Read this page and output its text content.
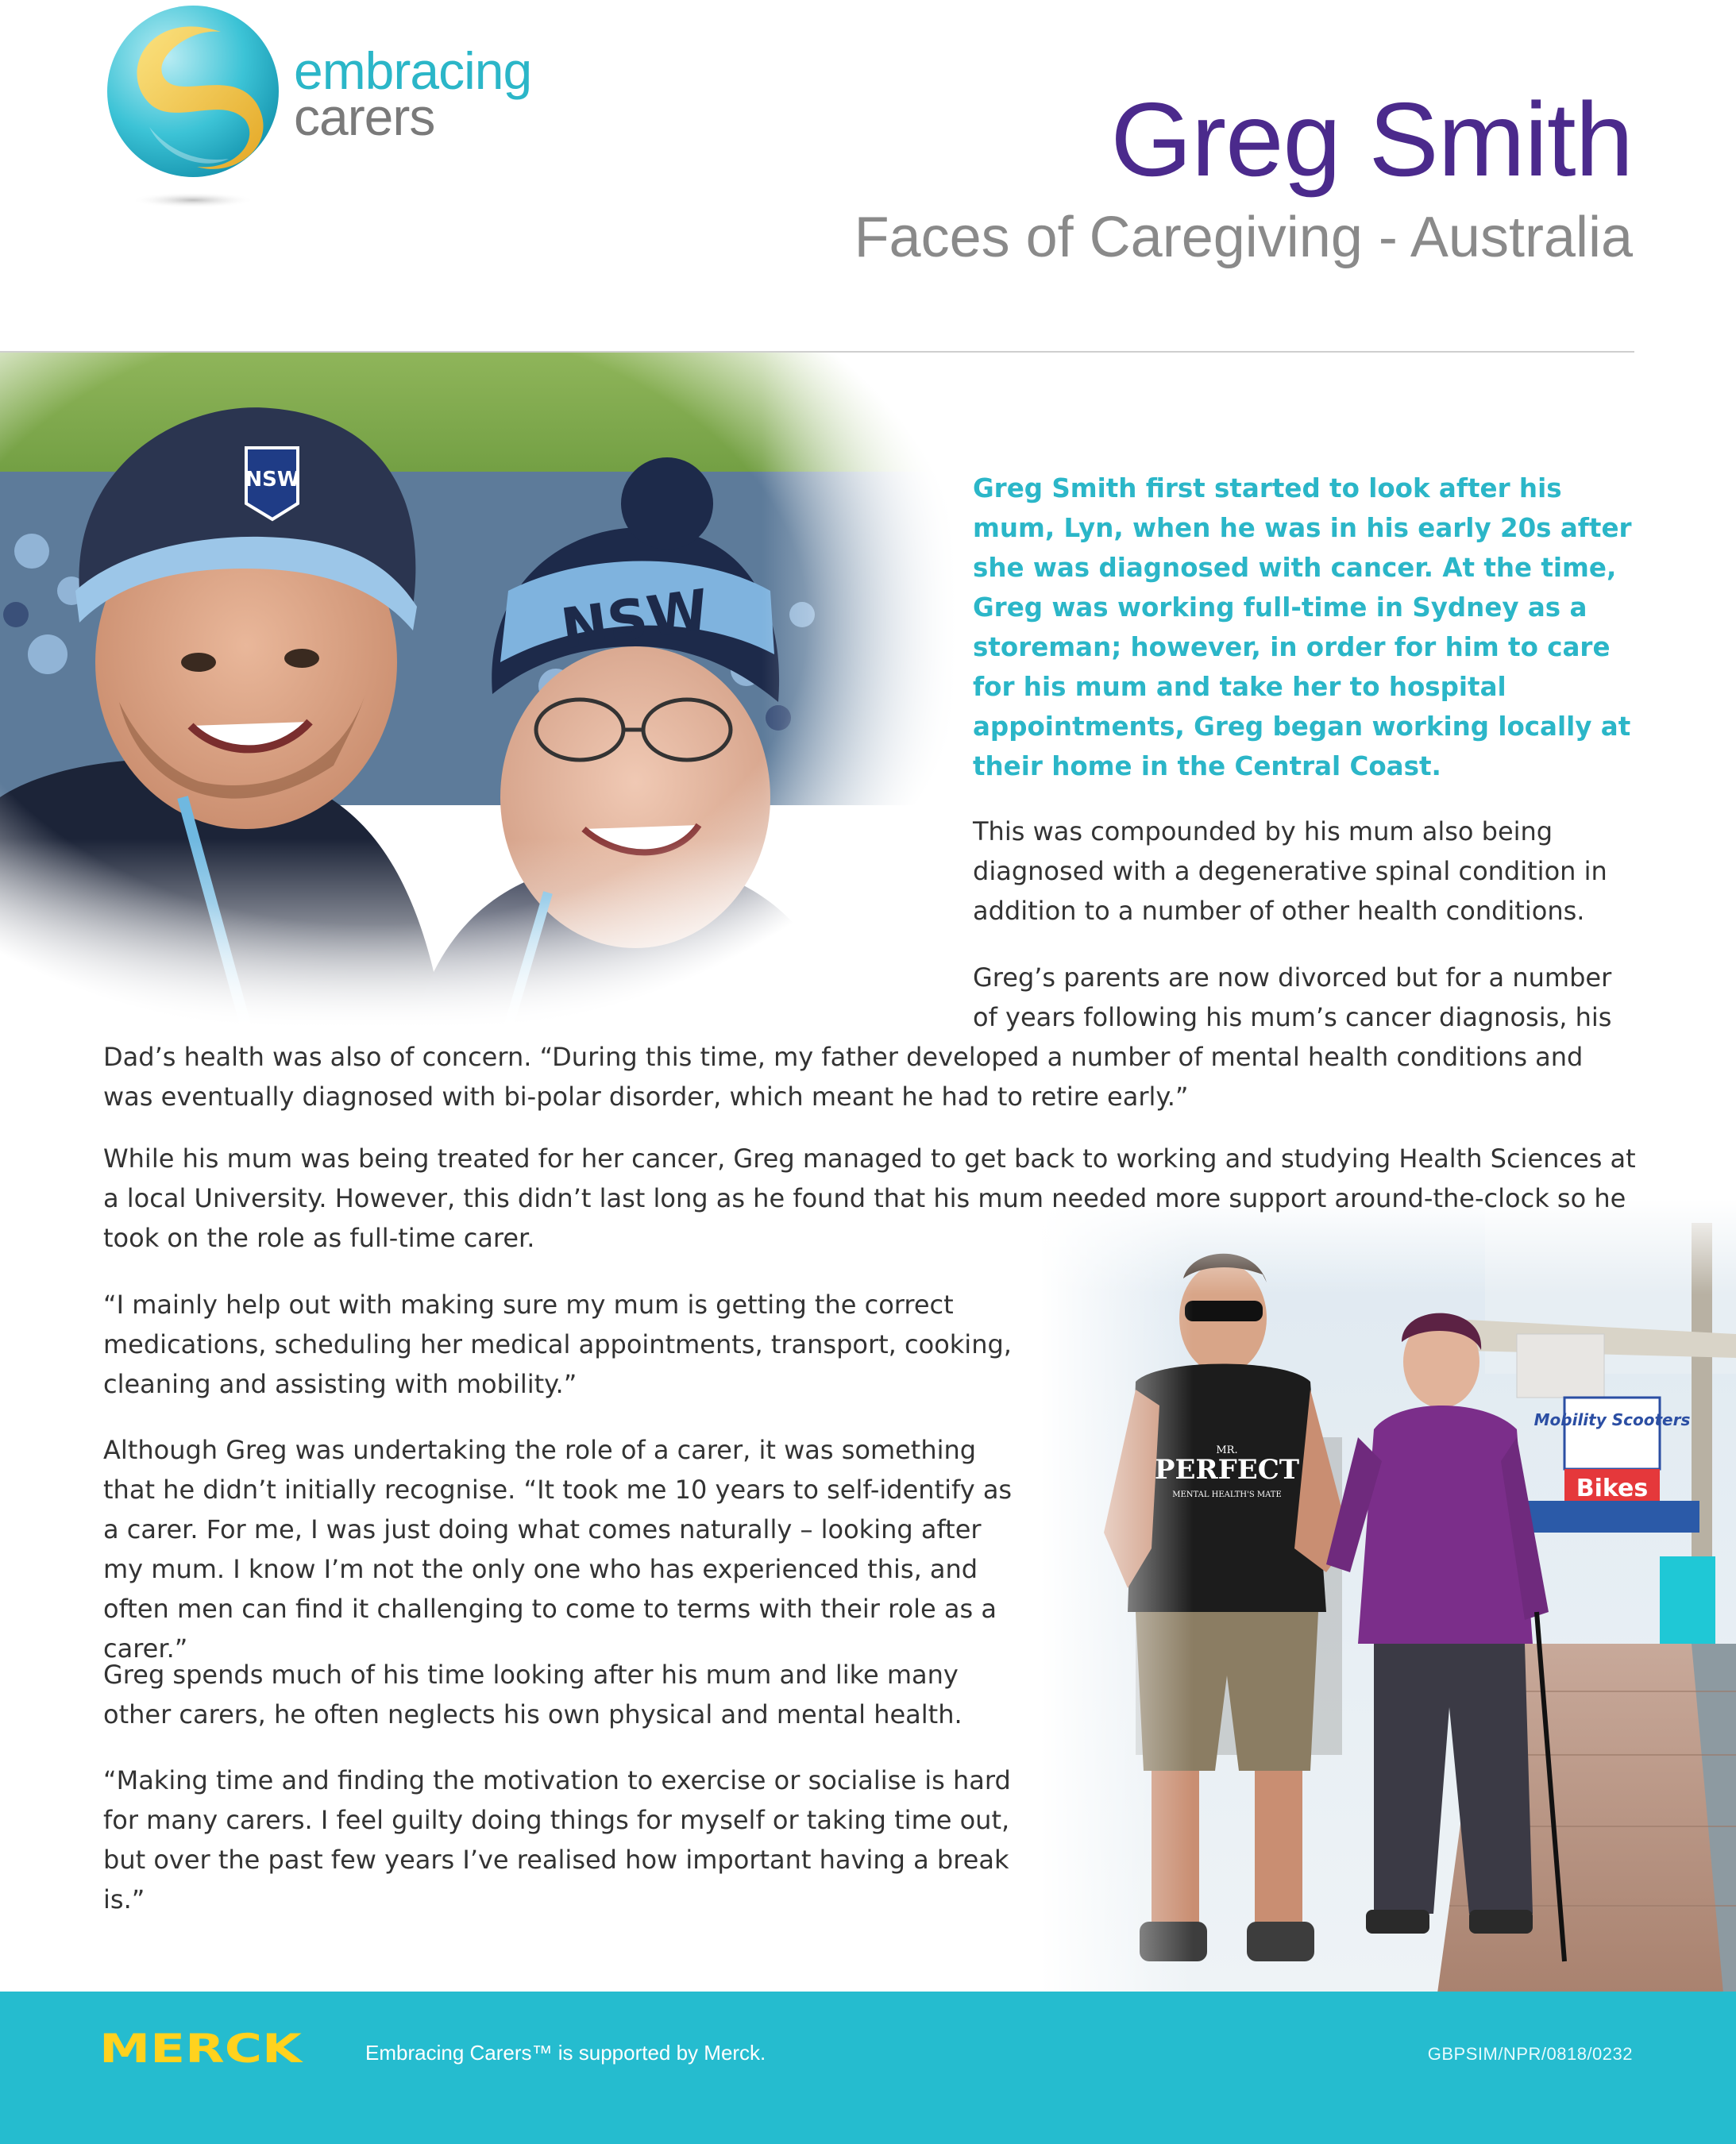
embracing
carers	Greg Smith
Faces of Caregiving - Australia

Greg Smith first started to look after his mum, Lyn, when he was in his early 20s after she was diagnosed with cancer. At the time, Greg was working full-time in Sydney as a storeman; however, in order for him to care for his mum and take her to hospital appointments, Greg began working locally at their home in the Central Coast.

This was compounded by his mum also being diagnosed with a degenerative spinal condition in addition to a number of other health conditions.

Greg’s parents are now divorced but for a number of years following his mum’s cancer diagnosis, his

Dad’s health was also of concern. “During this time, my father developed a number of mental health conditions and was eventually diagnosed with bi-polar disorder, which meant he had to retire early.”

While his mum was being treated for her cancer, Greg managed to get back to working and studying Health Sciences at a local University. However, this didn’t last long as he found that his mum needed more support around-the-clock so he took on the role as full-time carer.

“I mainly help out with making sure my mum is getting the correct medications, scheduling her medical appointments, transport, cooking, cleaning and assisting with mobility.”

Although Greg was undertaking the role of a carer, it was something that he didn’t initially recognise. “It took me 10 years to self-identify as a carer. For me, I was just doing what comes naturally – looking after my mum. I know I’m not the only one who has experienced this, and often men can find it challenging to come to terms with their role as a carer.”

Greg spends much of his time looking after his mum and like many other carers, he often neglects his own physical and mental health.

“Making time and finding the motivation to exercise or socialise is hard for many carers. I feel guilty doing things for myself or taking time out, but over the past few years I’ve realised how important having a break is.”

MERCK	Embracing Carers™ is supported by Merck.	GBPSIM/NPR/0818/0232
